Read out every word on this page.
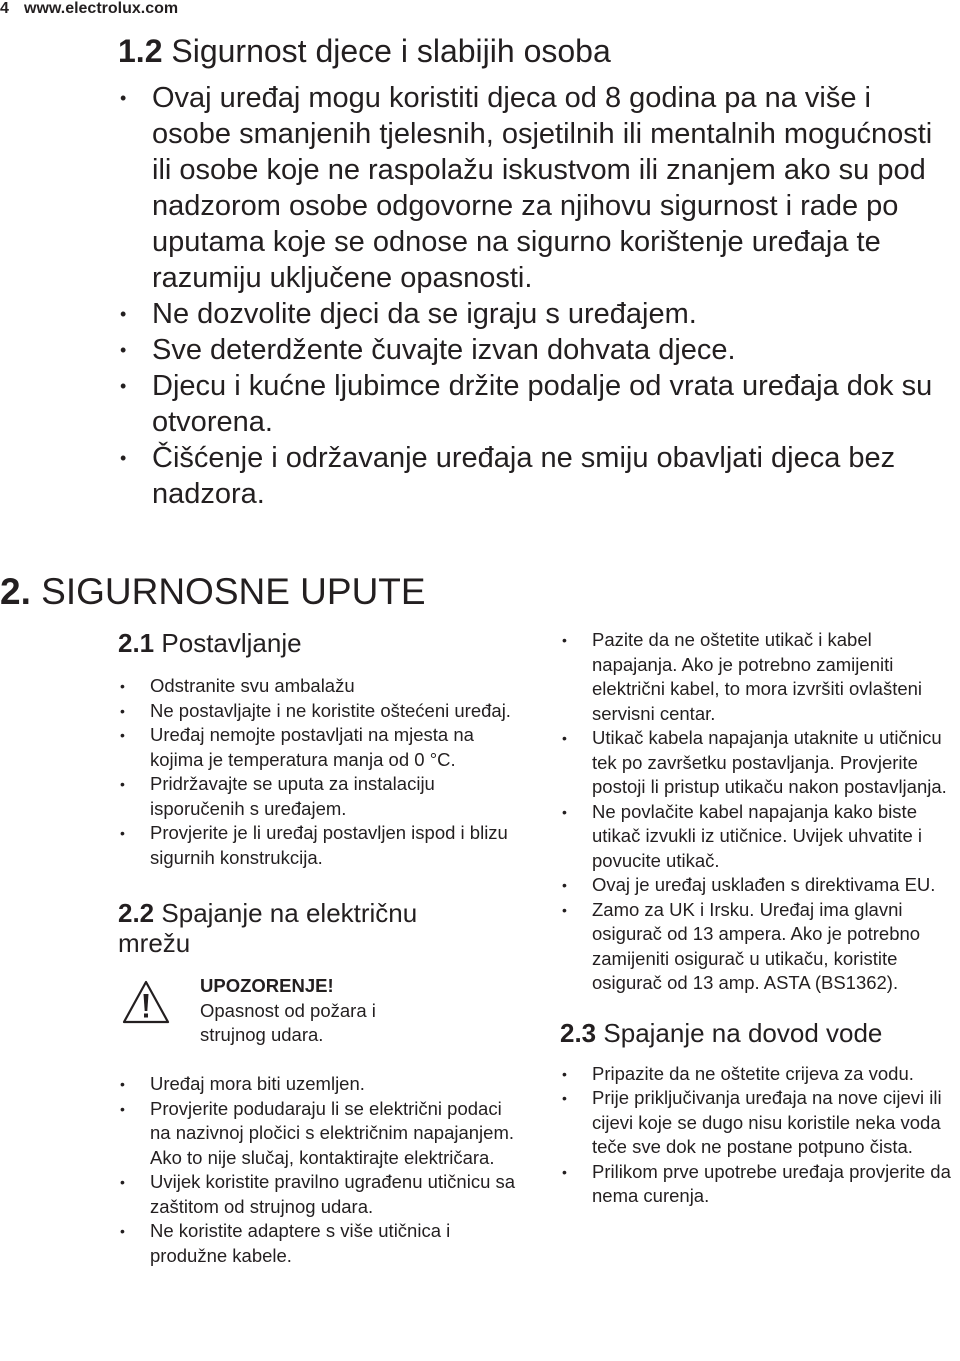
4 www.electrolux.com
1.2 Sigurnost djece i slabijih osoba
• Ovaj uređaj mogu koristiti djeca od 8 godina pa na više i osobe smanjenih tjelesnih, osjetilnih ili mentalnih mogućnosti ili osobe koje ne raspolažu iskustvom ili znanjem ako su pod nadzorom osobe odgovorne za njihovu sigurnost i rade po uputama koje se odnose na sigurno korištenje uređaja te razumiju uključene opasnosti.
• Ne dozvolite djeci da se igraju s uređajem.
• Sve deterdžente čuvajte izvan dohvata djece.
• Djecu i kućne ljubimce držite podalje od vrata uređaja dok su otvorena.
• Čišćenje i održavanje uređaja ne smiju obavljati djeca bez nadzora.
2. SIGURNOSNE UPUTE
2.1 Postavljanje
• Odstranite svu ambalažu
• Ne postavljajte i ne koristite oštećeni uređaj.
• Uređaj nemojte postavljati na mjesta na kojima je temperatura manja od 0 °C.
• Pridržavajte se uputa za instalaciju isporučenih s uređajem.
• Provjerite je li uređaj postavljen ispod i blizu sigurnih konstrukcija.
2.2 Spajanje na električnu mrežu
UPOZORENJE!
Opasnost od požara i strujnog udara.
• Uređaj mora biti uzemljen.
• Provjerite podudaraju li se električni podaci na nazivnoj pločici s električnim napajanjem. Ako to nije slučaj, kontaktirajte električara.
• Uvijek koristite pravilno ugrađenu utičnicu sa zaštitom od strujnog udara.
• Ne koristite adaptere s više utičnica i produžne kabele.
• Pazite da ne oštetite utikač i kabel napajanja. Ako je potrebno zamijeniti električni kabel, to mora izvršiti ovlašteni servisni centar.
• Utikač kabela napajanja utaknite u utičnicu tek po završetku postavljanja. Provjerite postoji li pristup utikaču nakon postavljanja.
• Ne povlačite kabel napajanja kako biste utikač izvukli iz utičnice. Uvijek uhvatite i povucite utikač.
• Ovaj je uređaj usklađen s direktivama EU.
• Zamo za UK i Irsku. Uređaj ima glavni osigurač od 13 ampera. Ako je potrebno zamijeniti osigurač u utikaču, koristite osigurač od 13 amp. ASTA (BS1362).
2.3 Spajanje na dovod vode
• Pripazite da ne oštetite crijeva za vodu.
• Prije priključivanja uređaja na nove cijevi ili cijevi koje se dugo nisu koristile neka voda teče sve dok ne postane potpuno čista.
• Prilikom prve upotrebe uređaja provjerite da nema curenja.
